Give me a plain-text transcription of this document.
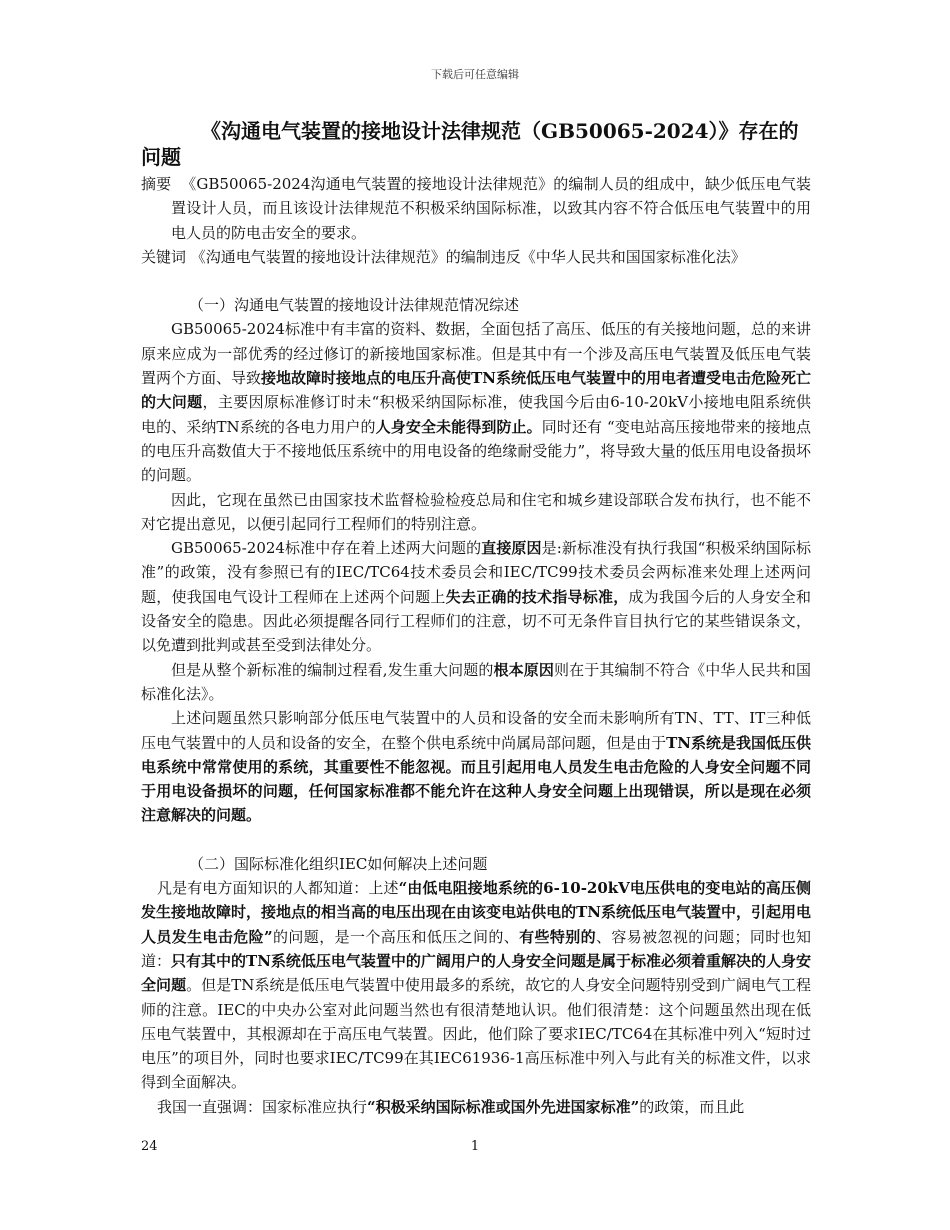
下载后可任意编辑
《沟通电气装置的接地设计法律规范（GB50065-2024）》存在的
问题
摘要 《GB50065-2024沟通电气装置的接地设计法律规范》的编制人员的组成中，缺少低压电气装置设计人员，而且该设计法律规范不积极采纳国际标准，以致其内容不符合低压电气装置中的用电人员的防电击安全的要求。
关键词 《沟通电气装置的接地设计法律规范》的编制违反《中华人民共和国国家标准化法》
（一）沟通电气装置的接地设计法律规范情况综述
GB50065-2024标准中有丰富的资料、数据，全面包括了高压、低压的有关接地问题，总的来讲原来应成为一部优秀的经过修订的新接地国家标准。但是其中有一个涉及高压电气装置及低压电气装置两个方面、导致接地故障时接地点的电压升高使TN系统低压电气装置中的用电者遭受电击危险死亡的大问题，主要因原标准修订时未“积极采纳国际标准，使我国今后由6-10-20kV小接地电阻系统供电的、采纳TN系统的各电力用户的人身安全未能得到防止。同时还有 “变电站高压接地带来的接地点的电压升高数值大于不接地低压系统中的用电设备的绝缘耐受能力”，将导致大量的低压用电设备损坏的问题。
因此，它现在虽然已由国家技术监督检验检疫总局和住宅和城乡建设部联合发布执行，也不能不对它提出意见，以便引起同行工程师们的特别注意。
GB50065-2024标准中存在着上述两大问题的直接原因是:新标准没有执行我国“积极采纳国际标准”的政策，没有参照已有的IEC/TC64技术委员会和IEC/TC99技术委员会两标准来处理上述两问题，使我国电气设计工程师在上述两个问题上失去正确的技术指导标准，成为我国今后的人身安全和设备安全的隐患。因此必须提醒各同行工程师们的注意，切不可无条件盲目执行它的某些错误条文，以免遭到批判或甚至受到法律处分。
但是从整个新标准的编制过程看,发生重大问题的根本原因则在于其编制不符合《中华人民共和国标准化法》。
上述问题虽然只影响部分低压电气装置中的人员和设备的安全而未影响所有TN、TT、IT三种低压电气装置中的人员和设备的安全，在整个供电系统中尚属局部问题，但是由于TN系统是我国低压供电系统中常常使用的系统，其重要性不能忽视。而且引起用电人员发生电击危险的人身安全问题不同于用电设备损坏的问题，任何国家标准都不能允许在这种人身安全问题上出现错误，所以是现在必须注意解决的问题。
（二）国际标准化组织IEC如何解决上述问题
凡是有电方面知识的人都知道：上述“由低电阻接地系统的6-10-20kV电压供电的变电站的高压侧发生接地故障时，接地点的相当高的电压出现在由该变电站供电的TN系统低压电气装置中，引起用电人员发生电击危险”的问题，是一个高压和低压之间的、有些特别的、容易被忽视的问题；同时也知道：只有其中的TN系统低压电气装置中的广阔用户的人身安全问题是属于标准必须着重解决的人身安全问题。但是TN系统是低压电气装置中使用最多的系统，故它的人身安全问题特别受到广阔电气工程师的注意。IEC的中央办公室对此问题当然也有很清楚地认识。他们很清楚：这个问题虽然出现在低压电气装置中，其根源却在于高压电气装置。因此，他们除了要求IEC/TC64在其标准中列入“短时过电压”的项目外，同时也要求IEC/TC99在其IEC61936-1高压标准中列入与此有关的标准文件，以求得到全面解决。
我国一直强调：国家标准应执行“积极采纳国际标准或国外先进国家标准”的政策，而且此
24	1
